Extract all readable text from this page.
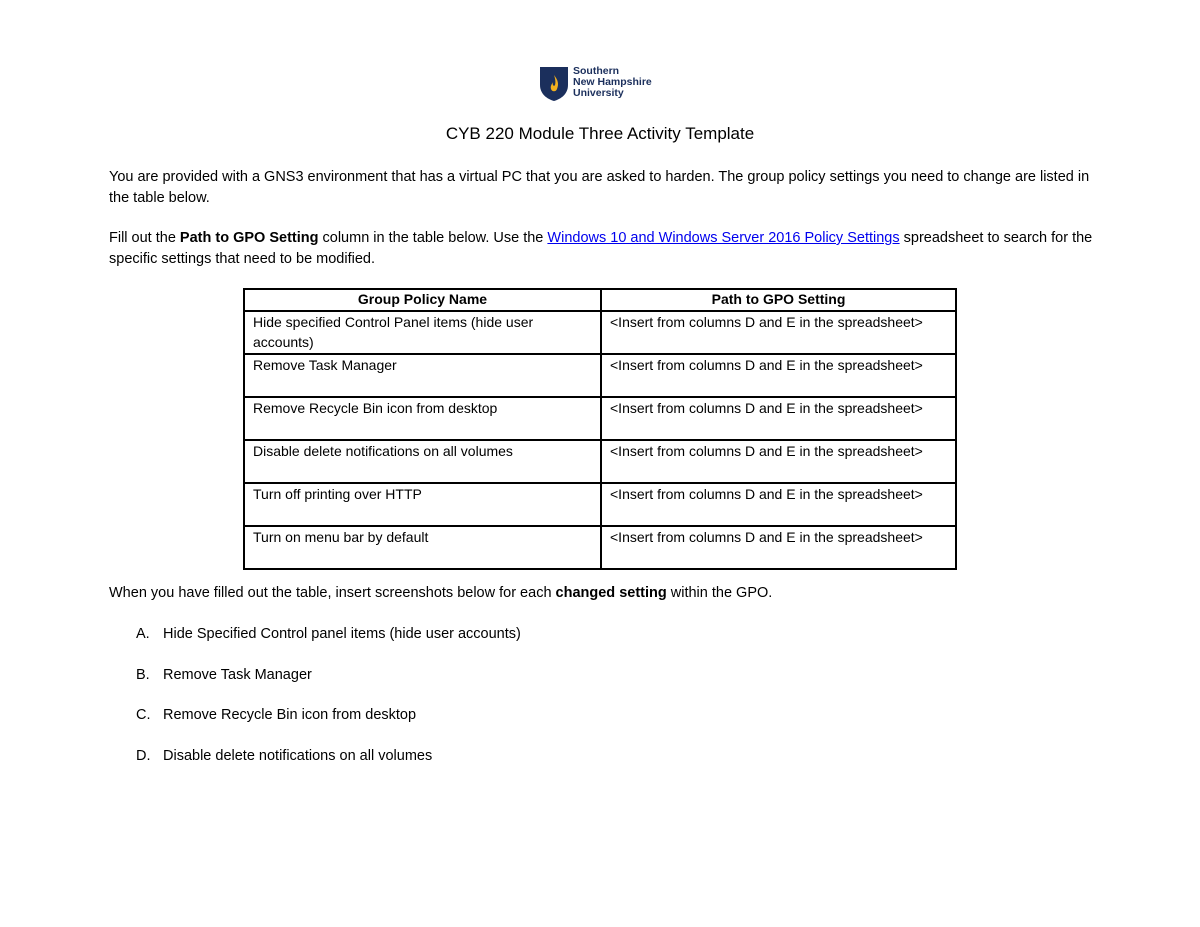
Southern
New Hampshire
University
CYB 220 Module Three Activity Template
You are provided with a GNS3 environment that has a virtual PC that you are asked to harden. The group policy settings you need to change are listed in the table below.
Fill out the Path to GPO Setting column in the table below. Use the Windows 10 and Windows Server 2016 Policy Settings spreadsheet to search for the specific settings that need to be modified.
Group Policy Name	Path to GPO Setting
Hide specified Control Panel items (hide user accounts)	<Insert from columns D and E in the spreadsheet>
Remove Task Manager	<Insert from columns D and E in the spreadsheet>
Remove Recycle Bin icon from desktop	<Insert from columns D and E in the spreadsheet>
Disable delete notifications on all volumes	<Insert from columns D and E in the spreadsheet>
Turn off printing over HTTP	<Insert from columns D and E in the spreadsheet>
Turn on menu bar by default	<Insert from columns D and E in the spreadsheet>
When you have filled out the table, insert screenshots below for each changed setting within the GPO.
A. Hide Specified Control panel items (hide user accounts)
B. Remove Task Manager
C. Remove Recycle Bin icon from desktop
D. Disable delete notifications on all volumes
